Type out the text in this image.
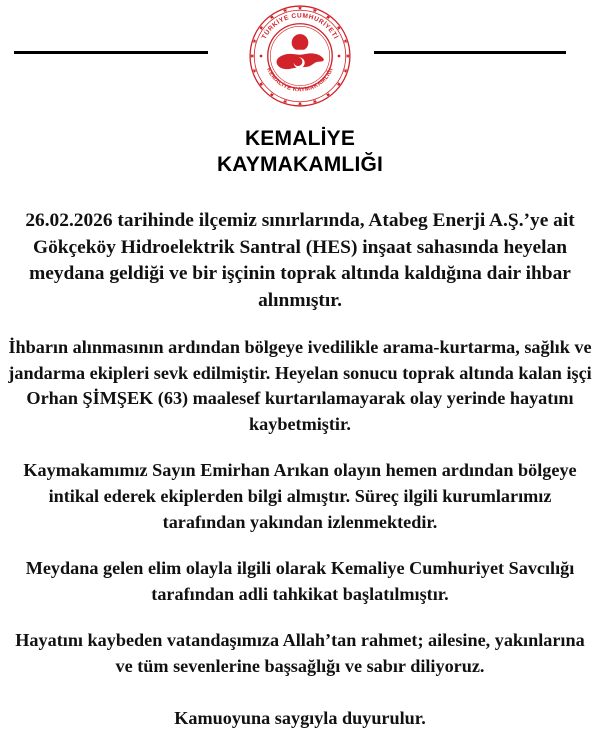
TÜRKİYE CUMHURİYETİ
KEMALİYE KAYMAKAMLIĞI
KEMALİYE
KAYMAKAMLIĞI
26.02.2026 tarihinde ilçemiz sınırlarında, Atabeg Enerji A.Ş.’ye ait Gökçeköy Hidroelektrik Santral (HES) inşaat sahasında heyelan meydana geldiği ve bir işçinin toprak altında kaldığına dair ihbar alınmıştır.
İhbarın alınmasının ardından bölgeye ivedilikle arama-kurtarma, sağlık ve jandarma ekipleri sevk edilmiştir. Heyelan sonucu toprak altında kalan işçi Orhan ŞİMŞEK (63) maalesef kurtarılamayarak olay yerinde hayatını kaybetmiştir.
Kaymakamımız Sayın Emirhan Arıkan olayın hemen ardından bölgeye intikal ederek ekiplerden bilgi almıştır. Süreç ilgili kurumlarımız tarafından yakından izlenmektedir.
Meydana gelen elim olayla ilgili olarak Kemaliye Cumhuriyet Savcılığı tarafından adli tahkikat başlatılmıştır.
Hayatını kaybeden vatandaşımıza Allah’tan rahmet; ailesine, yakınlarına ve tüm sevenlerine başsağlığı ve sabır diliyoruz.
Kamuoyuna saygıyla duyurulur.
